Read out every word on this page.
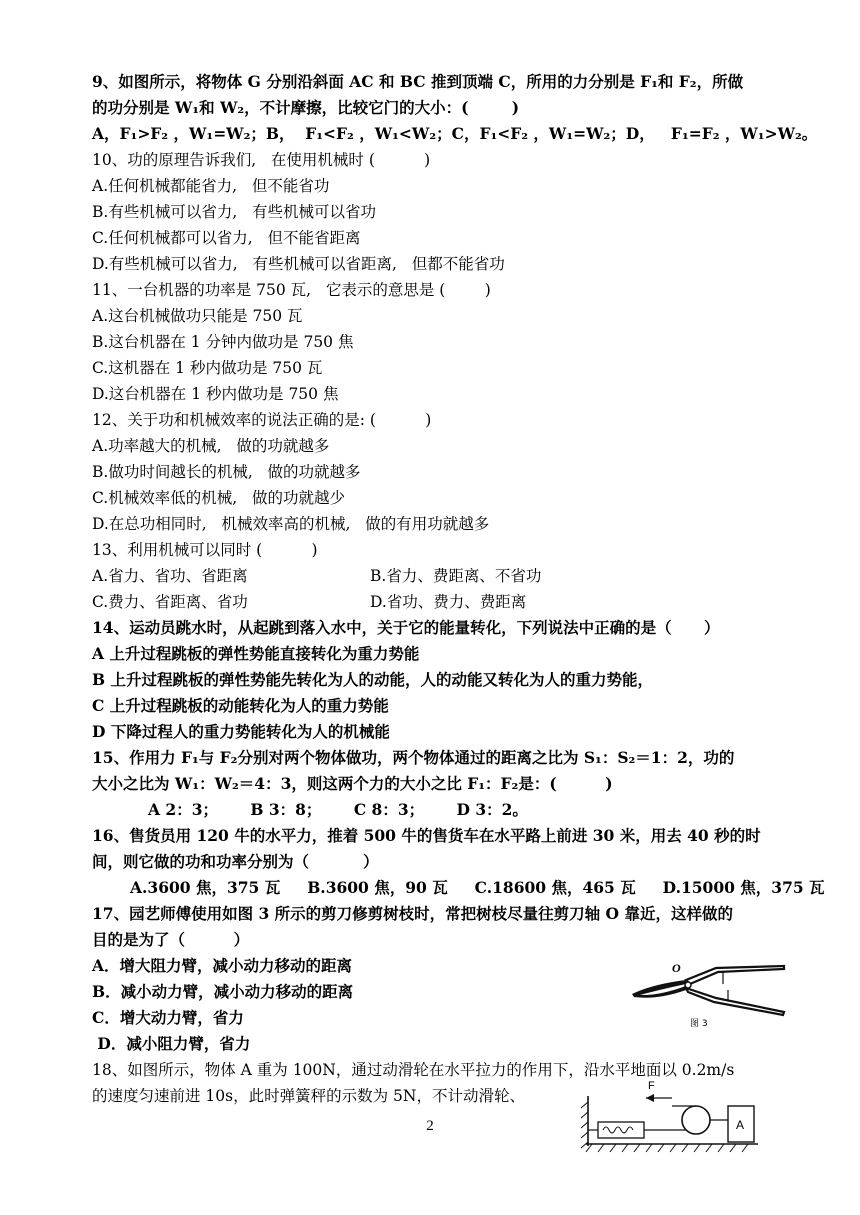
9、如图所示，将物体 G 分别沿斜面 AC 和 BC 推到顶端 C，所用的力分别是 F₁和 F₂，所做
的功分别是 W₁和 W₂，不计摩擦，比较它门的大小：(        )
A，F₁>F₂ ，W₁=W₂；B，  F₁<F₂ ，W₁<W₂；C，F₁<F₂ ，W₁=W₂；D，   F₁=F₂ ，W₁>W₂。
10、功的原理告诉我们,   在使用机械时 (          )
A.任何机械都能省力,   但不能省功
B.有些机械可以省力,   有些机械可以省功
C.任何机械都可以省力,   但不能省距离
D.有些机械可以省力,   有些机械可以省距离,   但都不能省功
11、一台机器的功率是 750 瓦,   它表示的意思是 (        )
A.这台机械做功只能是 750 瓦
B.这台机器在 1 分钟内做功是 750 焦
C.这机器在 1 秒内做功是 750 瓦
D.这台机器在 1 秒内做功是 750 焦
12、关于功和机械效率的说法正确的是: (          )
A.功率越大的机械,   做的功就越多
B.做功时间越长的机械,   做的功就越多
C.机械效率低的机械,   做的功就越少
D.在总功相同时,   机械效率高的机械,   做的有用功就越多
13、利用机械可以同时 (          )
A.省力、省功、省距离	B.省力、费距离、不省功
C.费力、省距离、省功	D.省功、费力、费距离
14、运动员跳水时，从起跳到落入水中，关于它的能量转化，下列说法中正确的是（      ）
A 上升过程跳板的弹性势能直接转化为重力势能
B 上升过程跳板的弹性势能先转化为人的动能，人的动能又转化为人的重力势能，
C 上升过程跳板的动能转化为人的重力势能
D 下降过程人的重力势能转化为人的机械能
15、作用力 F₁与 F₂分别对两个物体做功，两个物体通过的距离之比为 S₁：S₂＝1：2，功的
大小之比为 W₁：W₂＝4：3，则这两个力的大小之比 F₁：F₂是：(         )
A 2：3；      B 3：8；      C 8：3；      D 3：2。
16、售货员用 120 牛的水平力，推着 500 牛的售货车在水平路上前进 30 米，用去 40 秒的时
间，则它做的功和功率分别为（          ）
A.3600 焦，375 瓦     B.3600 焦，90 瓦     C.18600 焦，465 瓦     D.15000 焦，375 瓦
17、园艺师傅使用如图 3 所示的剪刀修剪树枝时，常把树枝尽量往剪刀轴 O 靠近，这样做的
目的是为了（         ）
A．增大阻力臂，减小动力移动的距离
B．减小动力臂，减小动力移动的距离
C．增大动力臂，省力
D．减小阻力臂，省力
O
图 3
18、如图所示，物体 A 重为 100N，通过动滑轮在水平拉力的作用下，沿水平地面以 0.2m/s
的速度匀速前进 10s，此时弹簧秤的示数为 5N，不计动滑轮、
F
A
2
